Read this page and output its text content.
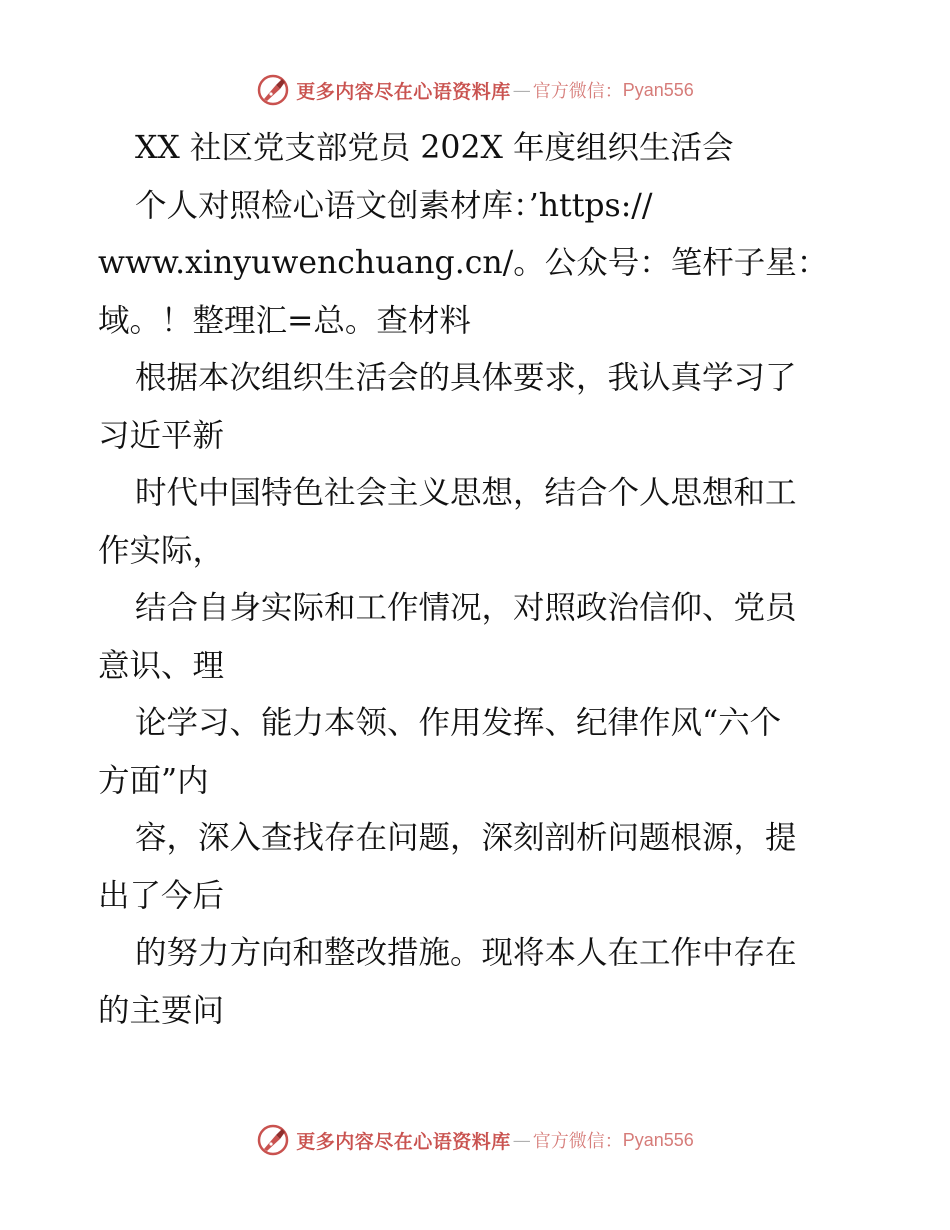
更多内容尽在心语资料库 — 官方微信： Pyan556
XX 社区党支部党员 202X 年度组织生活会
个人对照检心语文创素材库：’https://
www.xinyuwenchuang.cn/。公众号：笔杆子星：
域。！整理汇=总。查材料
根据本次组织生活会的具体要求，我认真学习了
习近平新
时代中国特色社会主义思想，结合个人思想和工
作实际，
结合自身实际和工作情况，对照政治信仰、党员
意识、理
论学习、能力本领、作用发挥、纪律作风“六个
方面”内
容，深入查找存在问题，深刻剖析问题根源，提
出了今后
的努力方向和整改措施。现将本人在工作中存在
的主要问
更多内容尽在心语资料库 — 官方微信： Pyan556
